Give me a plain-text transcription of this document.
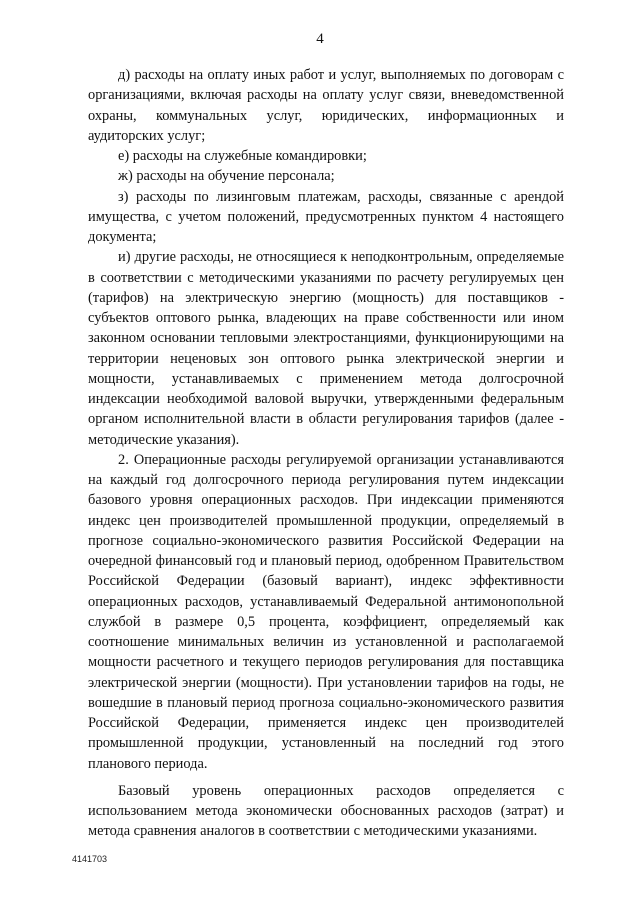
4

д) расходы на оплату иных работ и услуг, выполняемых по договорам с организациями, включая расходы на оплату услуг связи, вневедомственной охраны, коммунальных услуг, юридических, информационных и аудиторских услуг;

е) расходы на служебные командировки;

ж) расходы на обучение персонала;

з) расходы по лизинговым платежам, расходы, связанные с арендой имущества, с учетом положений, предусмотренных пунктом 4 настоящего документа;

и) другие расходы, не относящиеся к неподконтрольным, определяемые в соответствии с методическими указаниями по расчету регулируемых цен (тарифов) на электрическую энергию (мощность) для поставщиков - субъектов оптового рынка, владеющих на праве собственности или ином законном основании тепловыми электростанциями, функционирующими на территории неценовых зон оптового рынка электрической энергии и мощности, устанавливаемых с применением метода долгосрочной индексации необходимой валовой выручки, утвержденными федеральным органом исполнительной власти в области регулирования тарифов (далее - методические указания).

2. Операционные расходы регулируемой организации устанавливаются на каждый год долгосрочного периода регулирования путем индексации базового уровня операционных расходов. При индексации применяются индекс цен производителей промышленной продукции, определяемый в прогнозе социально-экономического развития Российской Федерации на очередной финансовый год и плановый период, одобренном Правительством Российской Федерации (базовый вариант), индекс эффективности операционных расходов, устанавливаемый Федеральной антимонопольной службой в размере 0,5 процента, коэффициент, определяемый как соотношение минимальных величин из установленной и располагаемой мощности расчетного и текущего периодов регулирования для поставщика электрической энергии (мощности). При установлении тарифов на годы, не вошедшие в плановый период прогноза социально-экономического развития Российской Федерации, применяется индекс цен производителей промышленной продукции, установленный на последний год этого планового периода.

Базовый уровень операционных расходов определяется с использованием метода экономически обоснованных расходов (затрат) и метода сравнения аналогов в соответствии с методическими указаниями.

4141703
